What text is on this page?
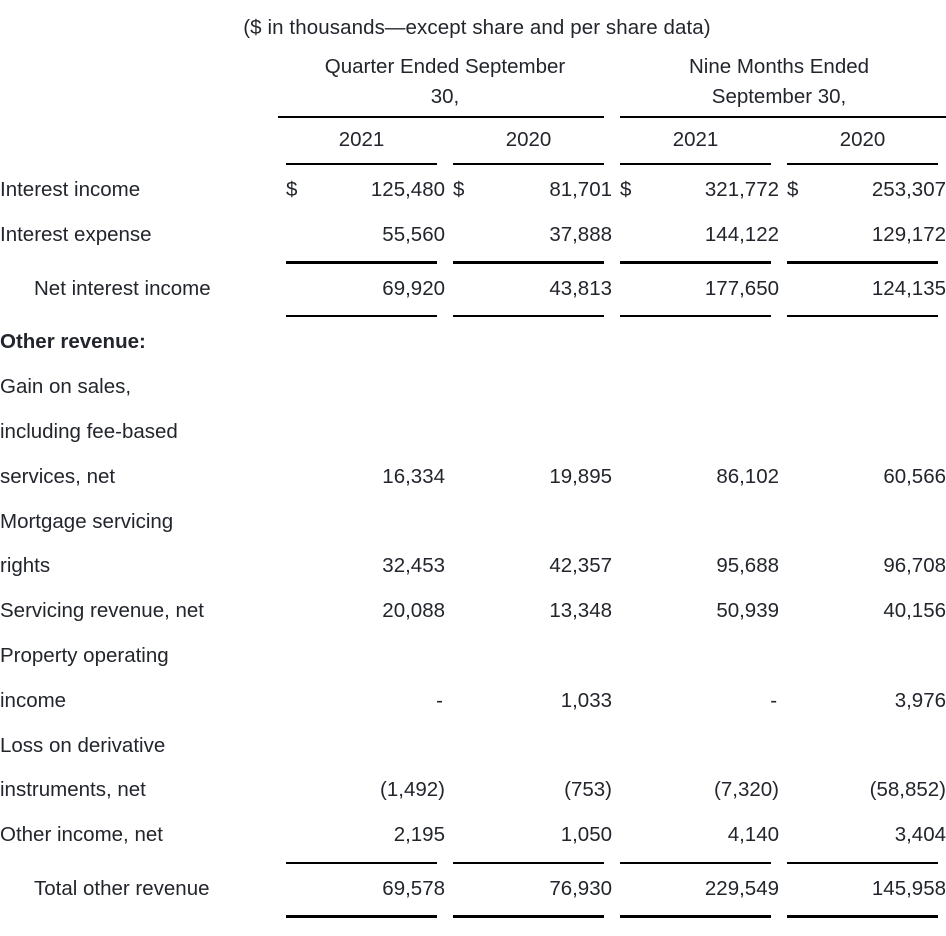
($ in thousands—except share and per share data)

	Quarter Ended September
30,		Nine Months Ended
September 30,	

	2021	2020	2021	2020

Interest income	$ 125,480	$ 81,701	$ 321,772	$ 253,307
Interest expense	55,560	37,888	144,122	129,172

Net interest income	69,920	43,813	177,650	124,135

Other revenue:				
Gain on sales,				
including fee-based				
services, net	16,334	19,895	86,102	60,566
Mortgage servicing				
rights	32,453	42,357	95,688	96,708
Servicing revenue, net	20,088	13,348	50,939	40,156
Property operating				
income	-	1,033	-	3,976
Loss on derivative				
instruments, net	(1,492)	(753)	(7,320)	(58,852)
Other income, net	2,195	1,050	4,140	3,404

Total other revenue	69,578	76,930	229,549	145,958
